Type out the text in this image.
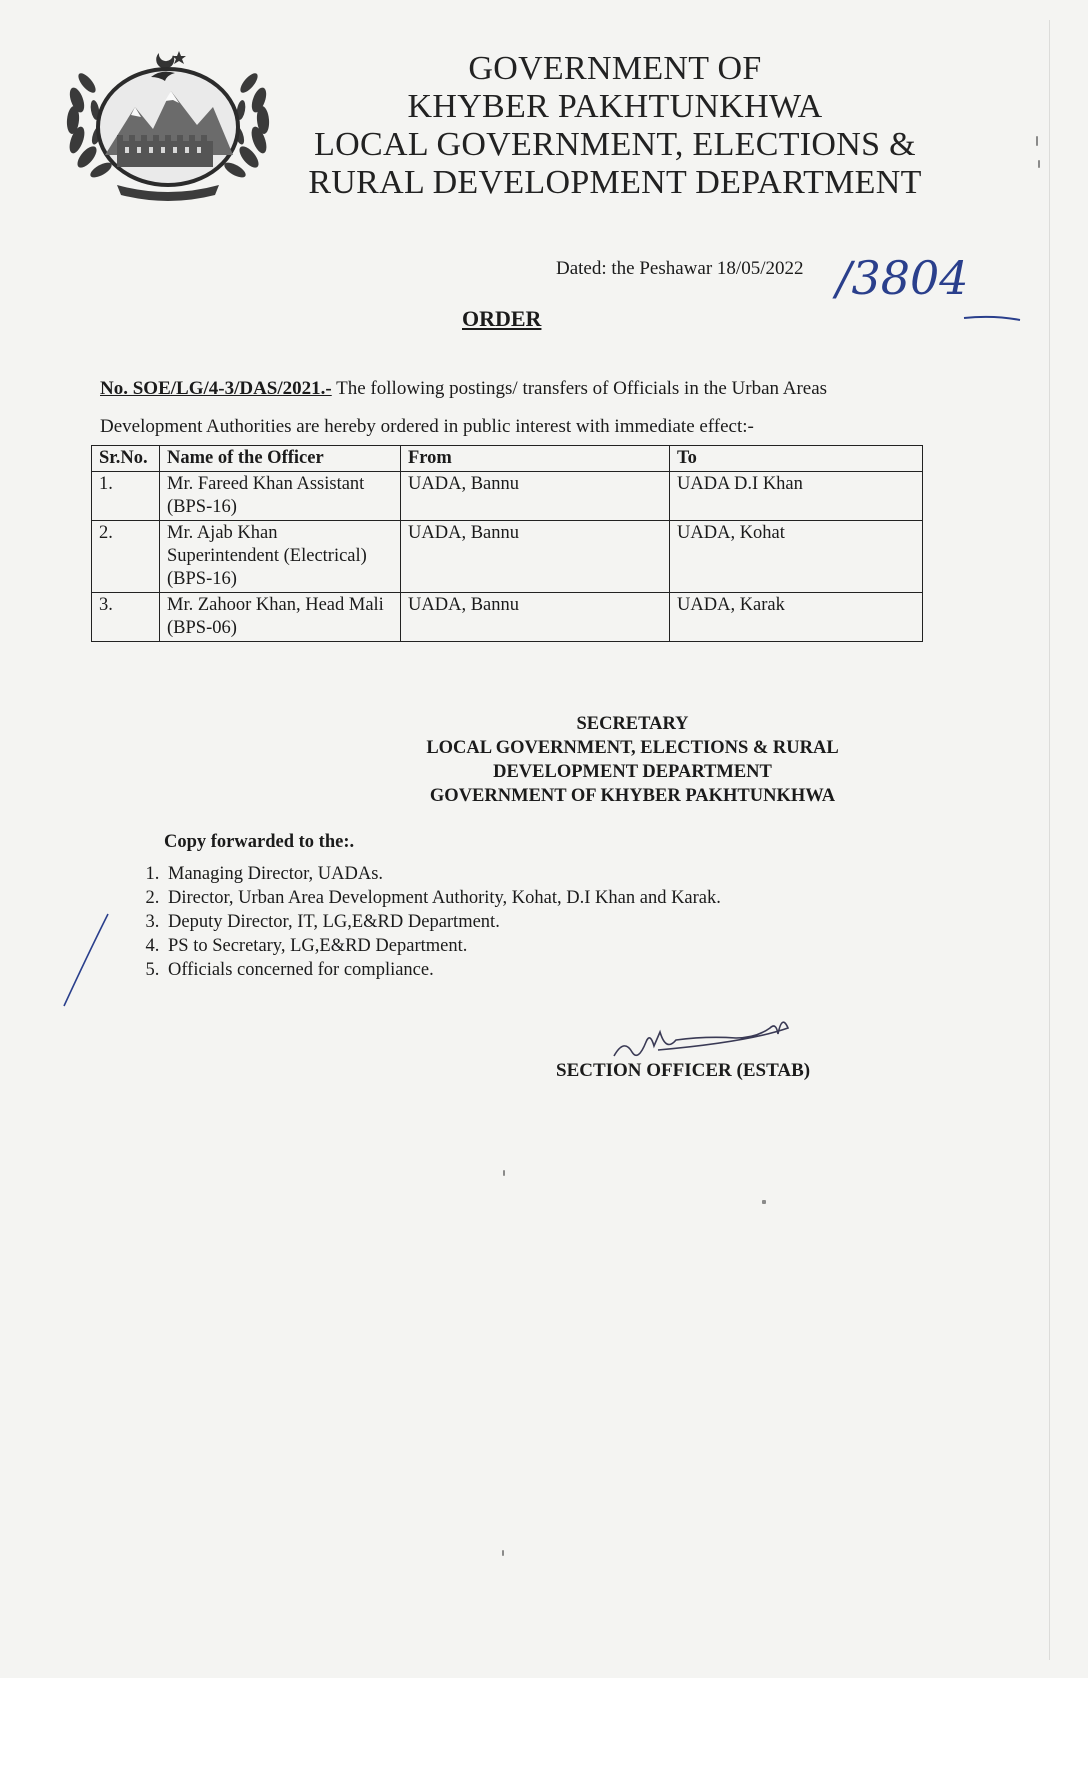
GOVERNMENT OF
KHYBER PAKHTUNKHWA
LOCAL GOVERNMENT, ELECTIONS &
RURAL DEVELOPMENT DEPARTMENT
Dated: the Peshawar 18/05/2022 /3804
ORDER
No. SOE/LG/4-3/DAS/2021.- The following postings/ transfers of Officials in the Urban Areas Development Authorities are hereby ordered in public interest with immediate effect:-
Sr.No.	Name of the Officer	From	To
1.	Mr. Fareed Khan Assistant (BPS-16)	UADA, Bannu	UADA D.I Khan
2.	Mr. Ajab Khan Superintendent (Electrical) (BPS-16)	UADA, Bannu	UADA, Kohat
3.	Mr. Zahoor Khan, Head Mali (BPS-06)	UADA, Bannu	UADA, Karak
SECRETARY
LOCAL GOVERNMENT, ELECTIONS & RURAL
DEVELOPMENT DEPARTMENT
GOVERNMENT OF KHYBER PAKHTUNKHWA
Copy forwarded to the:.
1. Managing Director, UADAs.
2. Director, Urban Area Development Authority, Kohat, D.I Khan and Karak.
3. Deputy Director, IT, LG,E&RD Department.
4. PS to Secretary, LG,E&RD Department.
5. Officials concerned for compliance.
SECTION OFFICER (ESTAB)
